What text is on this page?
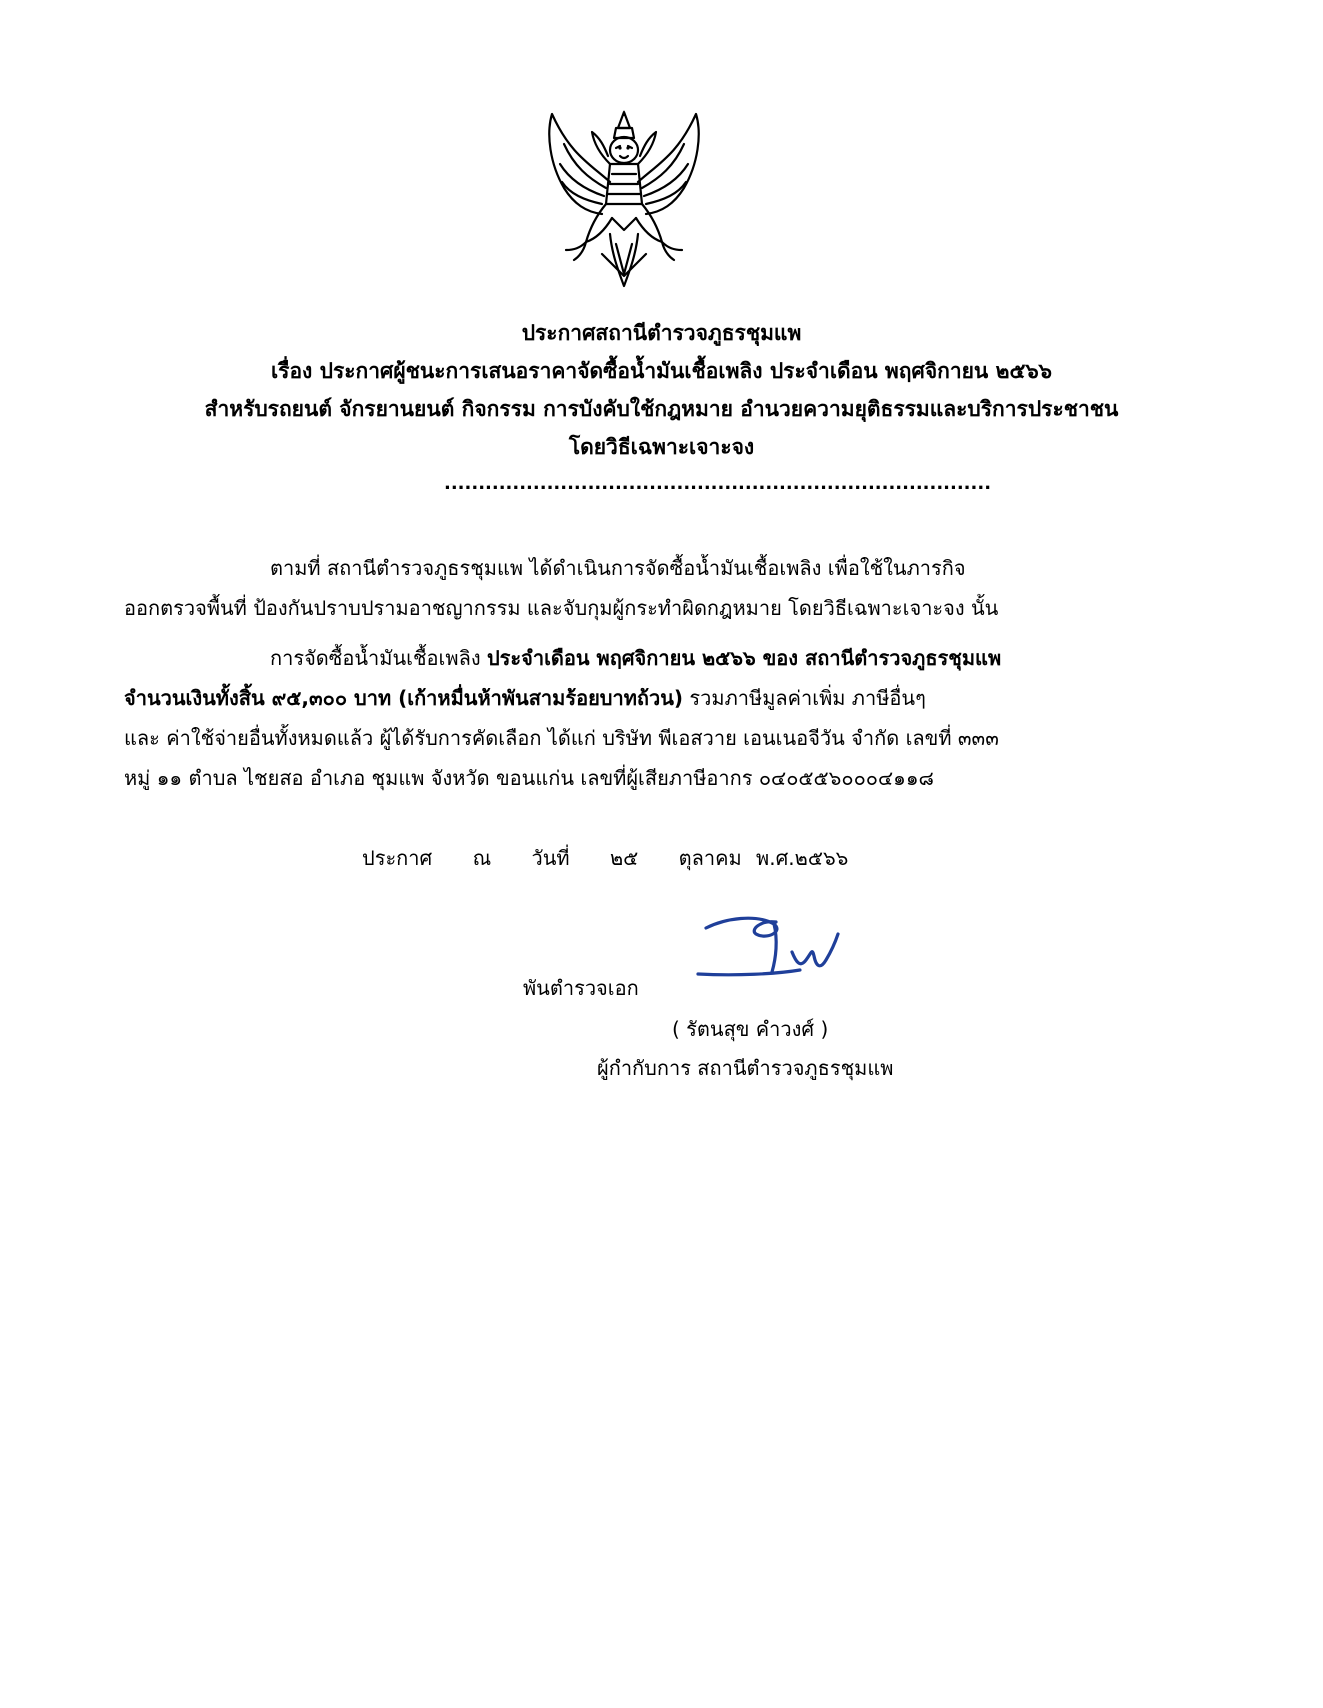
ประกาศสถานีตำรวจภูธรชุมแพ
เรื่อง ประกาศผู้ชนะการเสนอราคาจัดซื้อน้ำมันเชื้อเพลิง ประจำเดือน พฤศจิกายน ๒๕๖๖
สำหรับรถยนต์ จักรยานยนต์ กิจกรรม การบังคับใช้กฎหมาย อำนวยความยุติธรรมและบริการประชาชน
โดยวิธีเฉพาะเจาะจง
................................................................................
ตามที่ สถานีตำรวจภูธรชุมแพ ได้ดำเนินการจัดซื้อน้ำมันเชื้อเพลิง เพื่อใช้ในภารกิจ
ออกตรวจพื้นที่ ป้องกันปราบปรามอาชญากรรม และจับกุมผู้กระทำผิดกฎหมาย โดยวิธีเฉพาะเจาะจง นั้น
การจัดซื้อน้ำมันเชื้อเพลิง ประจำเดือน พฤศจิกายน ๒๕๖๖ ของ สถานีตำรวจภูธรชุมแพ
จำนวนเงินทั้งสิ้น ๙๕,๓๐๐ บาท (เก้าหมื่นห้าพันสามร้อยบาทถ้วน) รวมภาษีมูลค่าเพิ่ม ภาษีอื่นๆ
และ ค่าใช้จ่ายอื่นทั้งหมดแล้ว ผู้ได้รับการคัดเลือก ได้แก่ บริษัท พีเอสวาย เอนเนอจีวัน จำกัด เลขที่ ๓๓๓
หมู่ ๑๑ ตำบล ไชยสอ อำเภอ ชุมแพ จังหวัด ขอนแก่น เลขที่ผู้เสียภาษีอากร ๐๔๐๕๕๖๐๐๐๔๑๑๘
ประกาศ ณ วันที่ ๒๕ ตุลาคม พ.ศ.๒๕๖๖
พันตำรวจเอก
( รัตนสุข คำวงศ์ )
ผู้กำกับการ สถานีตำรวจภูธรชุมแพ
